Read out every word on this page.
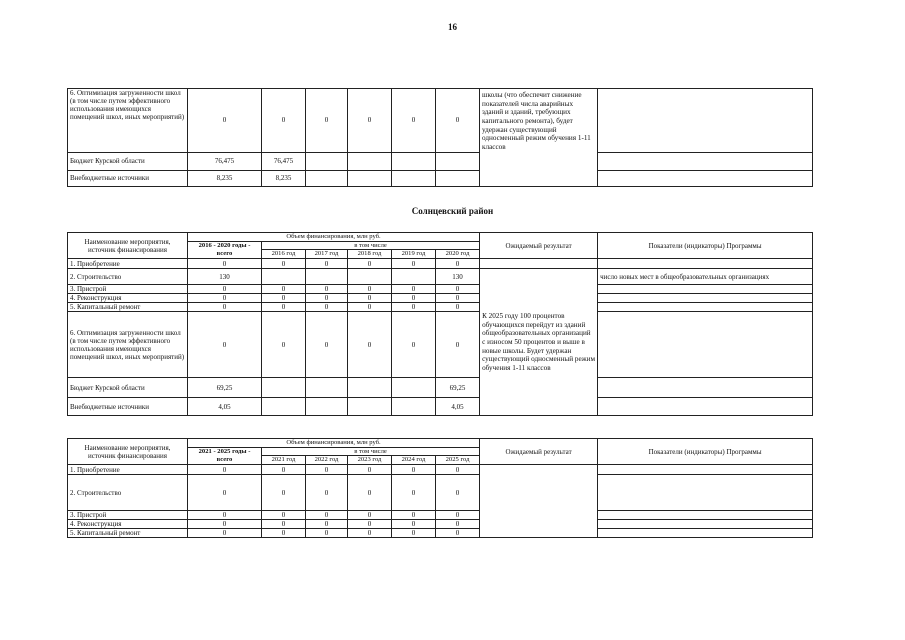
16
6. Оптимизация загруженности школ (в том числе путем эффективного использования имеющихся помещений школ, иных мероприятий)	0	0	0	0	0	0	школы (что обеспечит снижение показателей числа аварийных зданий и зданий, требующих капитального ремонта), будет удержан существующий односменный режим обучения 1-11 классов	
Бюджет Курской области	76,475	76,475						
Внебюджетные источники	8,235	8,235						
Солнцевский район
Наименование мероприятия, источник финансирования	Объем финансирования, млн руб.						Ожидаемый результат	Показатели (индикаторы) Программы	
	2016 - 2020 годы - всего	в том числе							
		2016 год	2017 год	2018 год	2019 год	2020 год			
1. Приобретение	0	0	0	0	0	0			
2. Строительство	130					130	К 2025 году 100 процентов обучающихся перейдут из зданий общеобразовательных организаций с износом 50 процентов и выше в новые школы. Будет удержан существующий односменный режим обучения 1-11 классов	число новых мест в общеобразовательных организациях	
3. Пристрой	0	0	0	0	0	0			
4. Реконструкция	0	0	0	0	0	0			
5. Капитальный ремонт	0	0	0	0	0	0			
6. Оптимизация загруженности школ (в том числе путем эффективного использования имеющихся помещений школ, иных мероприятий)	0	0	0	0	0	0			
Бюджет Курской области	69,25					69,25			
Внебюджетные источники	4,05					4,05			
Наименование мероприятия, источник финансирования	Объем финансирования, млн руб.						Ожидаемый результат	Показатели (индикаторы) Программы
	2021 - 2025 годы - всего	в том числе						
		2021 год	2022 год	2023 год	2024 год	2025 год		
1. Приобретение	0	0	0	0	0	0		
2. Строительство	0	0	0	0	0	0		
3. Пристрой	0	0	0	0	0	0		
4. Реконструкция	0	0	0	0	0	0		
5. Капитальный ремонт	0	0	0	0	0	0		
